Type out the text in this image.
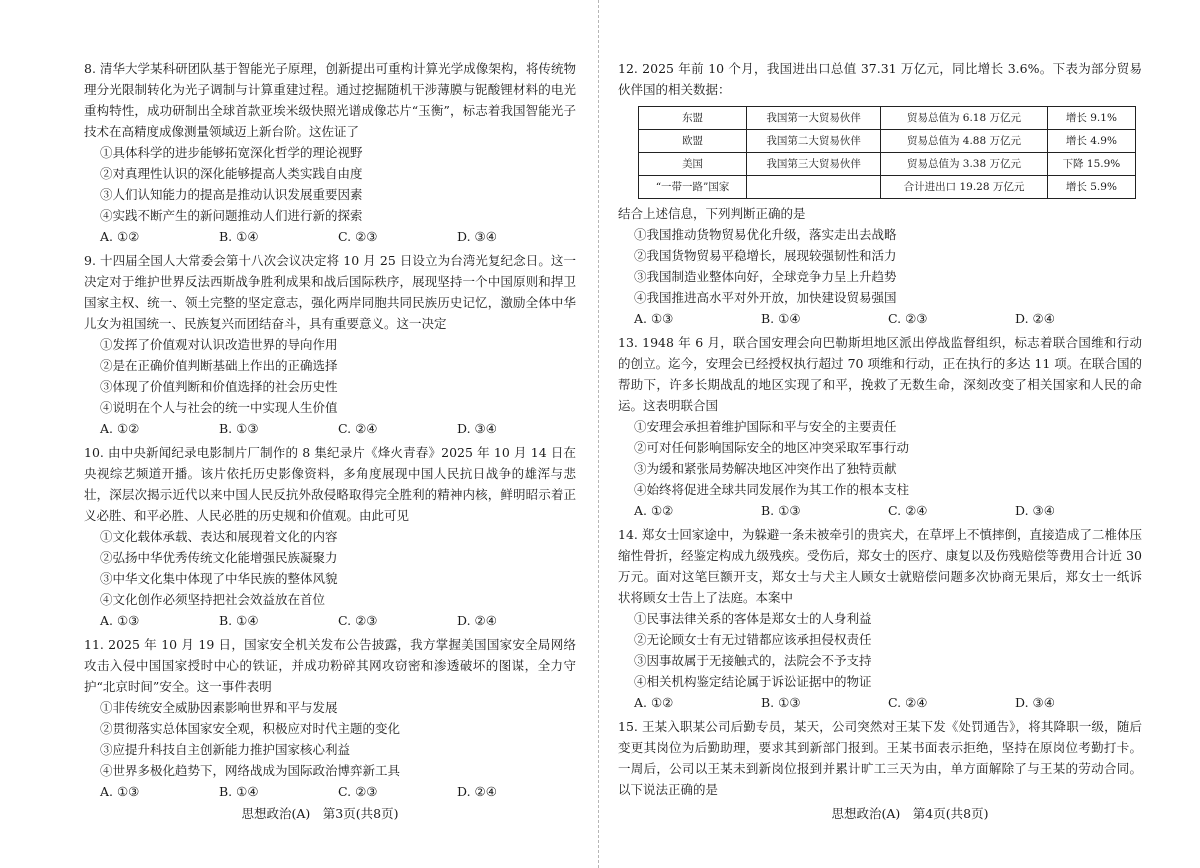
8. 清华大学某科研团队基于智能光子原理，创新提出可重构计算光学成像架构，将传统物理分光限制转化为光子调制与计算重建过程。通过挖掘随机干涉薄膜与铌酸锂材料的电光重构特性，成功研制出全球首款亚埃米级快照光谱成像芯片“玉衡”，标志着我国智能光子技术在高精度成像测量领域迈上新台阶。这佐证了

①具体科学的进步能够拓宽深化哲学的理论视野

②对真理性认识的深化能够提高人类实践自由度

③人们认知能力的提高是推动认识发展重要因素

④实践不断产生的新问题推动人们进行新的探索

A. ①②	B. ①④	C. ②③	D. ③④

9. 十四届全国人大常委会第十八次会议决定将 10 月 25 日设立为台湾光复纪念日。这一决定对于维护世界反法西斯战争胜利成果和战后国际秩序，展现坚持一个中国原则和捍卫国家主权、统一、领土完整的坚定意志，强化两岸同胞共同民族历史记忆，激励全体中华儿女为祖国统一、民族复兴而团结奋斗，具有重要意义。这一决定

①发挥了价值观对认识改造世界的导向作用

②是在正确价值判断基础上作出的正确选择

③体现了价值判断和价值选择的社会历史性

④说明在个人与社会的统一中实现人生价值

A. ①②	B. ①③	C. ②④	D. ③④

10. 由中央新闻纪录电影制片厂制作的 8 集纪录片《烽火青春》2025 年 10 月 14 日在央视综艺频道开播。该片依托历史影像资料，多角度展现中国人民抗日战争的雄浑与悲壮，深层次揭示近代以来中国人民反抗外敌侵略取得完全胜利的精神内核，鲜明昭示着正义必胜、和平必胜、人民必胜的历史规和价值观。由此可见

①文化载体承载、表达和展现着文化的内容

②弘扬中华优秀传统文化能增强民族凝聚力

③中华文化集中体现了中华民族的整体风貌

④文化创作必须坚持把社会效益放在首位

A. ①③	B. ①④	C. ②③	D. ②④

11. 2025 年 10 月 19 日，国家安全机关发布公告披露，我方掌握美国国家安全局网络攻击入侵中国国家授时中心的铁证，并成功粉碎其网攻窃密和渗透破坏的图谋，全力守护“北京时间”安全。这一事件表明

①非传统安全威胁因素影响世界和平与发展

②贯彻落实总体国家安全观，积极应对时代主题的变化

③应提升科技自主创新能力推护国家核心利益

④世界多极化趋势下，网络战成为国际政治博弈新工具

A. ①③	B. ①④	C. ②③	D. ②④
思想政治(A)　第3页(共8页)

12. 2025 年前 10 个月，我国进出口总值 37.31 万亿元，同比增长 3.6%。下表为部分贸易伙伴国的相关数据：

东盟	我国第一大贸易伙伴	贸易总值为 6.18 万亿元	增长 9.1%
欧盟	我国第二大贸易伙伴	贸易总值为 4.88 万亿元	增长 4.9%
美国	我国第三大贸易伙伴	贸易总值为 3.38 万亿元	下降 15.9%
“一带一路”国家		合计进出口 19.28 万亿元	增长 5.9%

结合上述信息，下列判断正确的是

①我国推动货物贸易优化升级，落实走出去战略

②我国货物贸易平稳增长，展现较强韧性和活力

③我国制造业整体向好，全球竞争力呈上升趋势

④我国推进高水平对外开放，加快建设贸易强国

A. ①③	B. ①④	C. ②③	D. ②④

13. 1948 年 6 月，联合国安理会向巴勒斯坦地区派出停战监督组织，标志着联合国维和行动的创立。迄今，安理会已经授权执行超过 70 项维和行动，正在执行的多达 11 项。在联合国的帮助下，许多长期战乱的地区实现了和平，挽救了无数生命，深刻改变了相关国家和人民的命运。这表明联合国

①安理会承担着维护国际和平与安全的主要责任

②可对任何影响国际安全的地区冲突采取军事行动

③为缓和紧张局势解决地区冲突作出了独特贡献

④始终将促进全球共同发展作为其工作的根本支柱

A. ①②	B. ①③	C. ②④	D. ③④

14. 郑女士回家途中，为躲避一条未被牵引的贵宾犬，在草坪上不慎摔倒，直接造成了二椎体压缩性骨折，经鉴定构成九级残疾。受伤后，郑女士的医疗、康复以及伤残赔偿等费用合计近 30 万元。面对这笔巨额开支，郑女士与犬主人顾女士就赔偿问题多次协商无果后，郑女士一纸诉状将顾女士告上了法庭。本案中

①民事法律关系的客体是郑女士的人身利益

②无论顾女士有无过错都应该承担侵权责任

③因事故属于无接触式的，法院会不予支持

④相关机构鉴定结论属于诉讼证据中的物证

A. ①②	B. ①③	C. ②④	D. ③④

15. 王某入职某公司后勤专员，某天，公司突然对王某下发《处罚通告》，将其降职一级，随后变更其岗位为后勤助理，要求其到新部门报到。王某书面表示拒绝，坚持在原岗位考勤打卡。一周后，公司以王某未到新岗位报到并累计旷工三天为由，单方面解除了与王某的劳动合同。以下说法正确的是

思想政治(A)　第4页(共8页)
